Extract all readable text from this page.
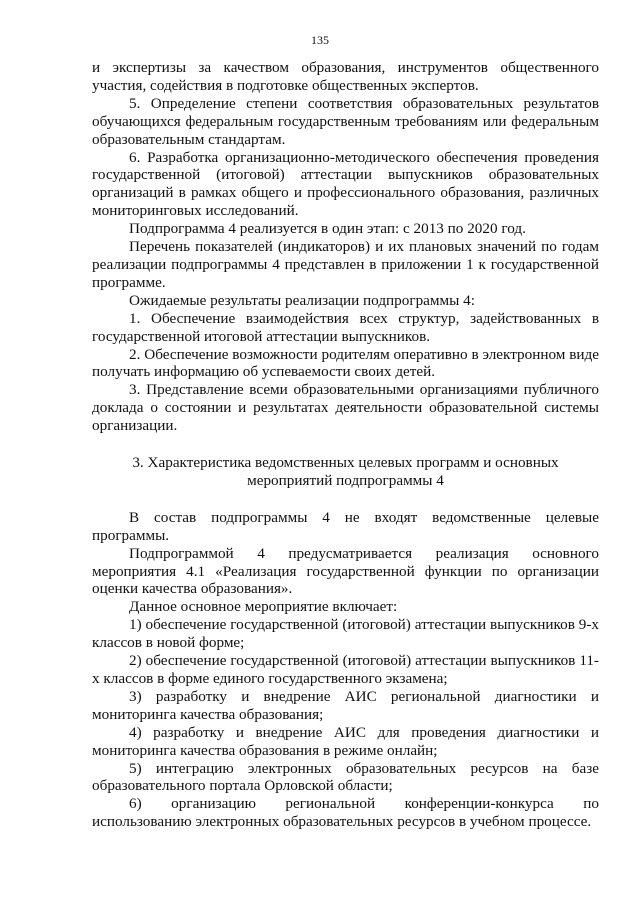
135

и экспертизы за качеством образования, инструментов общественного участия, содействия в подготовке общественных экспертов.

5. Определение степени соответствия образовательных результатов обучающихся федеральным государственным требованиям или федеральным образовательным стандартам.

6. Разработка организационно-методического обеспечения проведения государственной (итоговой) аттестации выпускников образовательных организаций в рамках общего и профессионального образования, различных мониторинговых исследований.

Подпрограмма 4 реализуется в один этап: с 2013 по 2020 год.

Перечень показателей (индикаторов) и их плановых значений по годам реализации подпрограммы 4 представлен в приложении 1 к государственной программе.

Ожидаемые результаты реализации подпрограммы 4:

1. Обеспечение взаимодействия всех структур, задействованных в государственной итоговой аттестации выпускников.

2. Обеспечение возможности родителям оперативно в электронном виде получать информацию об успеваемости своих детей.

3. Представление всеми образовательными организациями публичного доклада о состоянии и результатах деятельности образовательной системы организации.

3. Характеристика ведомственных целевых программ и основных
мероприятий подпрограммы 4

В состав подпрограммы 4 не входят ведомственные целевые программы.

Подпрограммой 4 предусматривается реализация основного мероприятия 4.1 «Реализация государственной функции по организации оценки качества образования».

Данное основное мероприятие включает:

1) обеспечение государственной (итоговой) аттестации выпускников 9-х классов в новой форме;

2) обеспечение государственной (итоговой) аттестации выпускников 11-х классов в форме единого государственного экзамена;

3) разработку и внедрение АИС региональной диагностики и мониторинга качества образования;

4) разработку и внедрение АИС для проведения диагностики и мониторинга качества образования в режиме онлайн;

5) интеграцию электронных образовательных ресурсов на базе образовательного портала Орловской области;

6) организацию региональной конференции-конкурса по использованию электронных образовательных ресурсов в учебном процессе.
